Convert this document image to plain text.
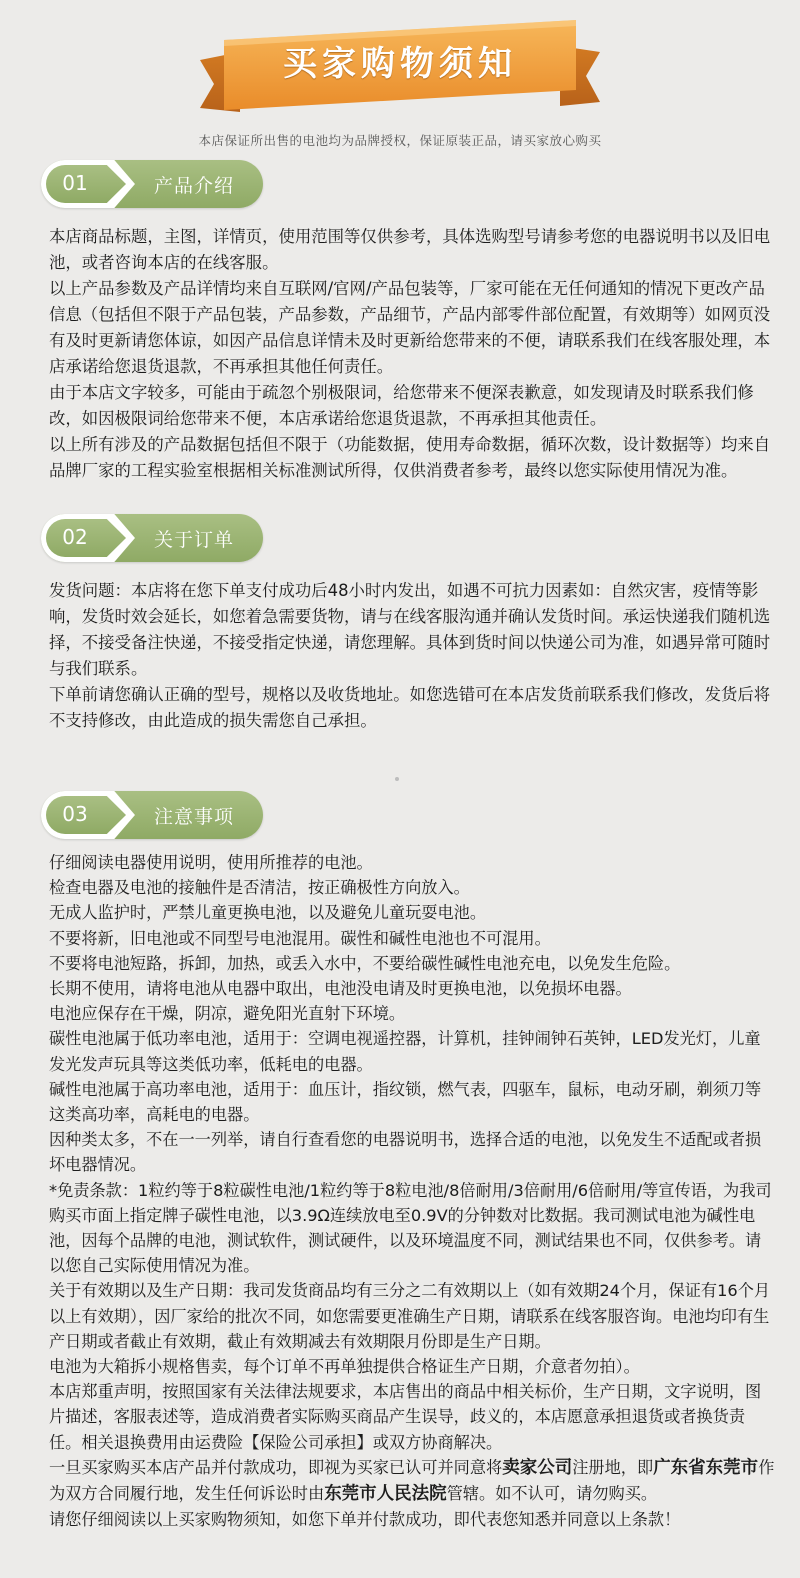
买家购物须知
本店保证所出售的电池均为品牌授权，保证原装正品，请买家放心购买
01	产品介绍

本店商品标题，主图，详情页，使用范围等仅供参考，具体选购型号请参考您的电器说明书以及旧电池，或者咨询本店的在线客服。

以上产品参数及产品详情均来自互联网/官网/产品包装等，厂家可能在无任何通知的情况下更改产品信息（包括但不限于产品包装，产品参数，产品细节，产品内部零件部位配置，有效期等）如网页没有及时更新请您体谅，如因产品信息详情未及时更新给您带来的不便，请联系我们在线客服处理，本店承诺给您退货退款，不再承担其他任何责任。

由于本店文字较多，可能由于疏忽个别极限词，给您带来不便深表歉意，如发现请及时联系我们修改，如因极限词给您带来不便，本店承诺给您退货退款，不再承担其他责任。

以上所有涉及的产品数据包括但不限于（功能数据，使用寿命数据，循环次数，设计数据等）均来自品牌厂家的工程实验室根据相关标准测试所得，仅供消费者参考，最终以您实际使用情况为准。

02	关于订单

发货问题：本店将在您下单支付成功后48小时内发出，如遇不可抗力因素如：自然灾害，疫情等影响，发货时效会延长，如您着急需要货物，请与在线客服沟通并确认发货时间。承运快递我们随机选择，不接受备注快递，不接受指定快递，请您理解。具体到货时间以快递公司为准，如遇异常可随时与我们联系。

下单前请您确认正确的型号，规格以及收货地址。如您选错可在本店发货前联系我们修改，发货后将不支持修改，由此造成的损失需您自己承担。

03	注意事项

仔细阅读电器使用说明，使用所推荐的电池。

检查电器及电池的接触件是否清洁，按正确极性方向放入。

无成人监护时，严禁儿童更换电池，以及避免儿童玩耍电池。

不要将新，旧电池或不同型号电池混用。碳性和碱性电池也不可混用。

不要将电池短路，拆卸，加热，或丢入水中，不要给碳性碱性电池充电，以免发生危险。

长期不使用，请将电池从电器中取出，电池没电请及时更换电池，以免损坏电器。

电池应保存在干燥，阴凉，避免阳光直射下环境。

碳性电池属于低功率电池，适用于：空调电视遥控器，计算机，挂钟闹钟石英钟，LED发光灯，儿童发光发声玩具等这类低功率，低耗电的电器。

碱性电池属于高功率电池，适用于：血压计，指纹锁，燃气表，四驱车，鼠标，电动牙刷，剃须刀等这类高功率，高耗电的电器。

因种类太多，不在一一列举，请自行查看您的电器说明书，选择合适的电池，以免发生不适配或者损坏电器情况。

*免责条款：1粒约等于8粒碳性电池/1粒约等于8粒电池/8倍耐用/3倍耐用/6倍耐用/等宣传语，为我司购买市面上指定牌子碳性电池，以3.9Ω连续放电至0.9V的分钟数对比数据。我司测试电池为碱性电池，因每个品牌的电池，测试软件，测试硬件，以及环境温度不同，测试结果也不同，仅供参考。请以您自己实际使用情况为准。

关于有效期以及生产日期：我司发货商品均有三分之二有效期以上（如有效期24个月，保证有16个月以上有效期），因厂家给的批次不同，如您需要更准确生产日期，请联系在线客服咨询。电池均印有生产日期或者截止有效期，截止有效期减去有效期限月份即是生产日期。

电池为大箱拆小规格售卖，每个订单不再单独提供合格证生产日期，介意者勿拍）。

本店郑重声明，按照国家有关法律法规要求，本店售出的商品中相关标价，生产日期，文字说明，图片描述，客服表述等，造成消费者实际购买商品产生误导，歧义的，本店愿意承担退货或者换货责任。相关退换费用由运费险【保险公司承担】或双方协商解决。

一旦买家购买本店产品并付款成功，即视为买家已认可并同意将卖家公司注册地，即广东省东莞市作为双方合同履行地，发生任何诉讼时由东莞市人民法院管辖。如不认可，请勿购买。

请您仔细阅读以上买家购物须知，如您下单并付款成功，即代表您知悉并同意以上条款！
